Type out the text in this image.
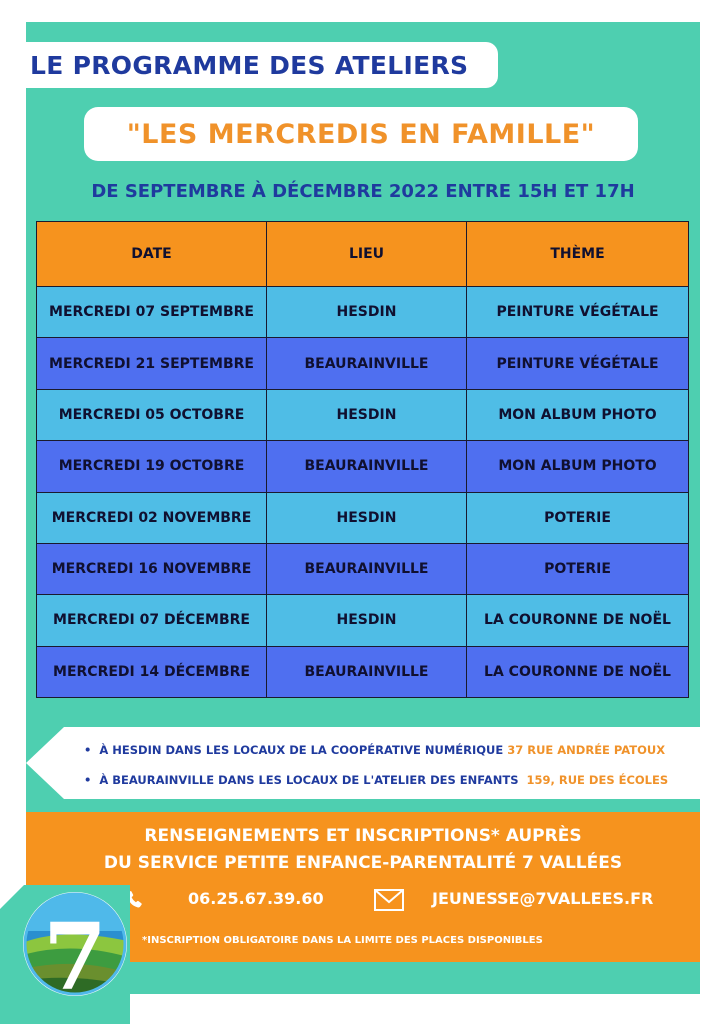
LE PROGRAMME DES ATELIERS
"LES MERCREDIS EN FAMILLE"
DE SEPTEMBRE À DÉCEMBRE 2022 ENTRE 15H ET 17H
DATE	LIEU	THÈME
MERCREDI 07 SEPTEMBRE	HESDIN	PEINTURE VÉGÉTALE
MERCREDI 21 SEPTEMBRE	BEAURAINVILLE	PEINTURE VÉGÉTALE
MERCREDI 05 OCTOBRE	HESDIN	MON ALBUM PHOTO
MERCREDI 19 OCTOBRE	BEAURAINVILLE	MON ALBUM PHOTO
MERCREDI 02 NOVEMBRE	HESDIN	POTERIE
MERCREDI 16 NOVEMBRE	BEAURAINVILLE	POTERIE
MERCREDI 07 DÉCEMBRE	HESDIN	LA COURONNE DE NOËL
MERCREDI 14 DÉCEMBRE	BEAURAINVILLE	LA COURONNE DE NOËL
• À HESDIN DANS LES LOCAUX DE LA COOPÉRATIVE NUMÉRIQUE 37 RUE ANDRÉE PATOUX
• À BEAURAINVILLE DANS LES LOCAUX DE L'ATELIER DES ENFANTS 159, RUE DES ÉCOLES
RENSEIGNEMENTS ET INSCRIPTIONS* AUPRÈS
DU SERVICE PETITE ENFANCE-PARENTALITÉ 7 VALLÉES
06.25.67.39.60	JEUNESSE@7VALLEES.FR
*INSCRIPTION OBLIGATOIRE DANS LA LIMITE DES PLACES DISPONIBLES
7
